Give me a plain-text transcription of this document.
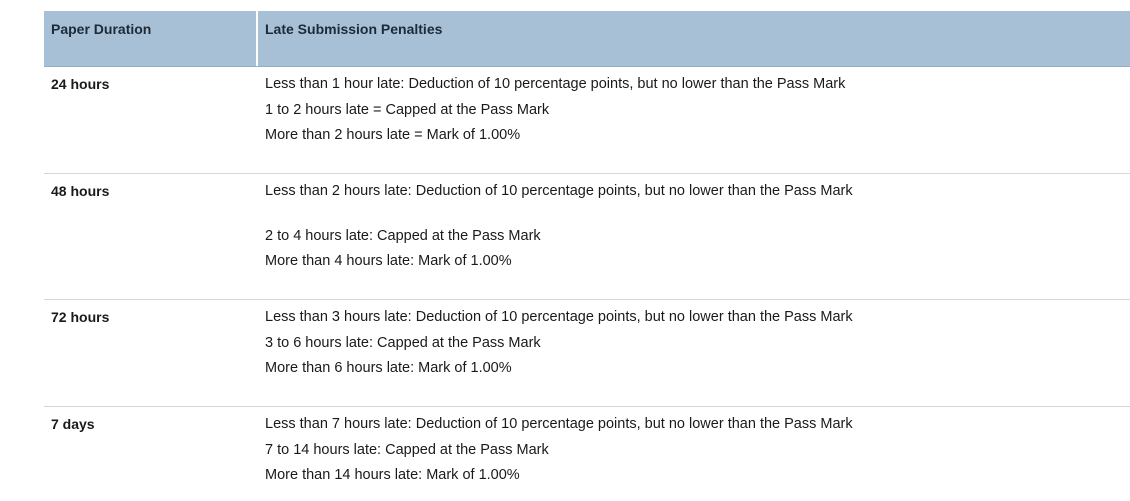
Paper Duration	Late Submission Penalties
24 hours	Less than 1 hour late: Deduction of 10 percentage points, but no lower than the Pass Mark
1 to 2 hours late = Capped at the Pass Mark
More than 2 hours late = Mark of 1.00%
48 hours	Less than 2 hours late: Deduction of 10 percentage points, but no lower than the Pass Mark
2 to 4 hours late: Capped at the Pass Mark
More than 4 hours late: Mark of 1.00%
72 hours	Less than 3 hours late: Deduction of 10 percentage points, but no lower than the Pass Mark
3 to 6 hours late: Capped at the Pass Mark
More than 6 hours late: Mark of 1.00%
7 days	Less than 7 hours late: Deduction of 10 percentage points, but no lower than the Pass Mark
7 to 14 hours late: Capped at the Pass Mark
More than 14 hours late: Mark of 1.00%
